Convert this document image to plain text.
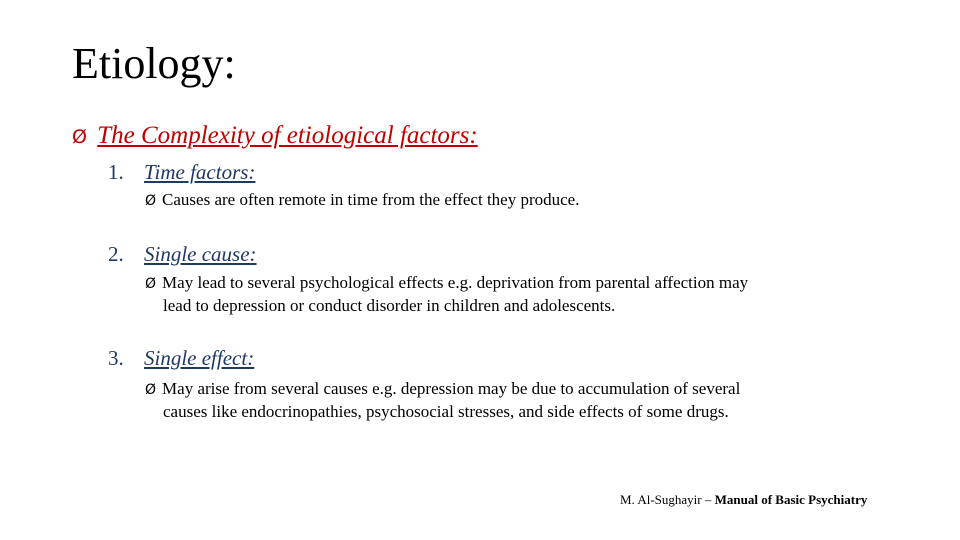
Etiology:
Ø The Complexity of etiological factors:
1. Time factors:
Ø Causes are often remote in time from the effect they produce.
2. Single cause:
Ø May lead to several psychological effects e.g. deprivation from parental affection may
lead to depression or conduct disorder in children and adolescents.
3. Single effect:
Ø May arise from several causes e.g. depression may be due to accumulation of several
causes like endocrinopathies, psychosocial stresses, and side effects of some drugs.
M. Al-Sughayir – Manual of Basic Psychiatry
